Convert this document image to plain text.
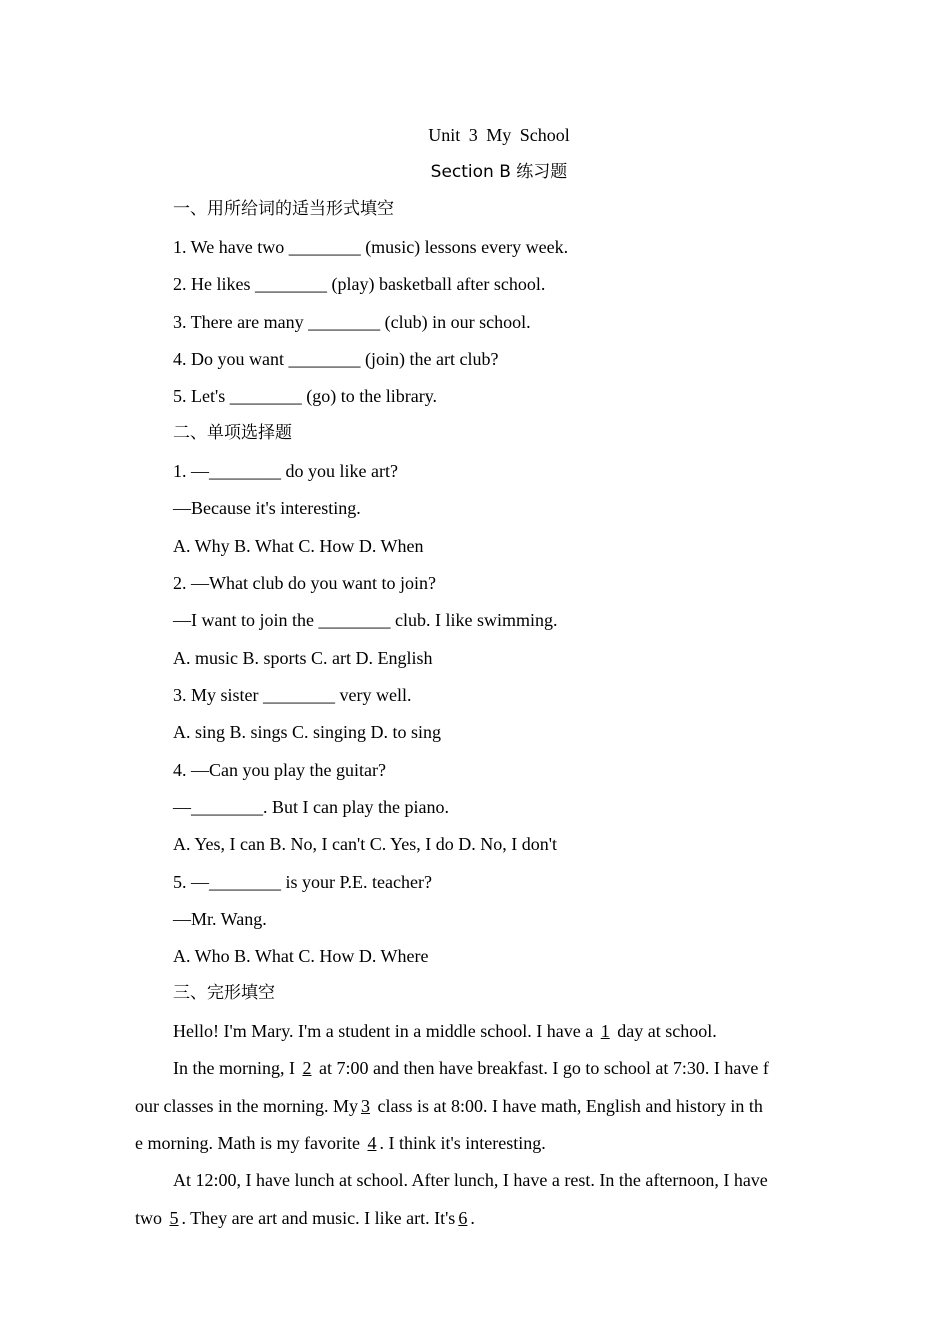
Unit 3 My School
Section B 练习题
一、用所给词的适当形式填空
1. We have two ________ (music) lessons every week.
2. He likes ________ (play) basketball after school.
3. There are many ________ (club) in our school.
4. Do you want ________ (join) the art club?
5. Let's ________ (go) to the library.
二、单项选择题
1. —________ do you like art?
—Because it's interesting.
A. Why B. What C. How D. When
2. —What club do you want to join?
—I want to join the ________ club. I like swimming.
A. music B. sports C. art D. English
3. My sister ________ very well.
A. sing B. sings C. singing D. to sing
4. —Can you play the guitar?
—________. But I can play the piano.
A. Yes, I can B. No, I can't C. Yes, I do D. No, I don't
5. —________ is your P.E. teacher?
—Mr. Wang.
A. Who B. What C. How D. Where
三、完形填空
Hello! I'm Mary. I'm a student in a middle school. I have a 1 day at school.
In the morning, I 2 at 7:00 and then have breakfast. I go to school at 7:30. I have f
our classes in the morning. My 3 class is at 8:00. I have math, English and history in th
e morning. Math is my favorite 4 . I think it's interesting.
At 12:00, I have lunch at school. After lunch, I have a rest. In the afternoon, I have
two 5 . They are art and music. I like art. It's 6 .
